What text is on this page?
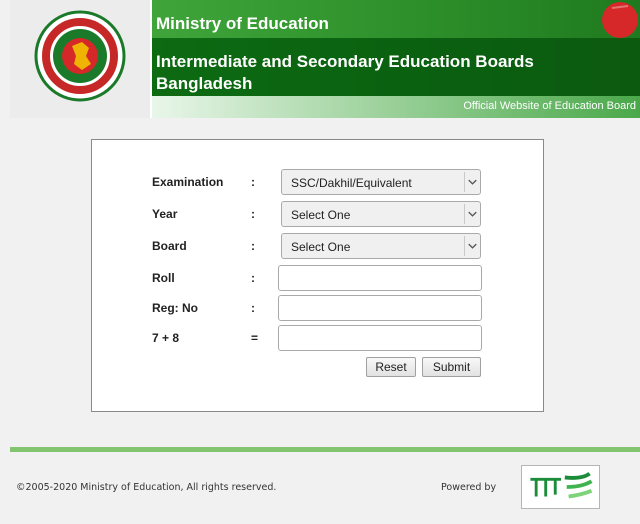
Ministry of Education
Intermediate and Secondary Education Boards
Bangladesh
Official Website of Education Board
Examination :	SSC/Dakhil/Equivalent
Year	:	Select One
Board	:	Select One
Roll	:
Reg: No	:
7 + 8	=
Reset	Submit
©2005-2020 Ministry of Education, All rights reserved.	Powered by
